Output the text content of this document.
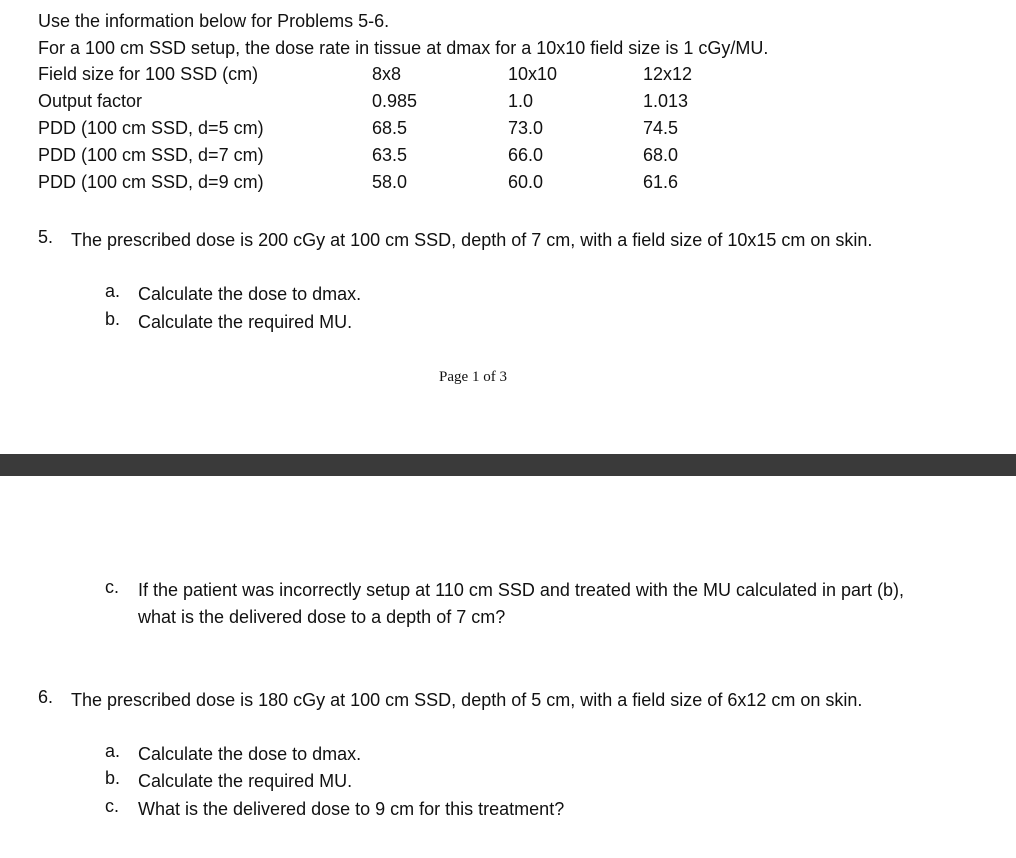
Use the information below for Problems 5-6.
For a 100 cm SSD setup, the dose rate in tissue at dmax for a 10x10 field size is 1 cGy/MU.
Field size for 100 SSD (cm)	8x8	10x10	12x12
Output factor	0.985	1.0	1.013
PDD (100 cm SSD, d=5 cm)	68.5	73.0	74.5
PDD (100 cm SSD, d=7 cm)	63.5	66.0	68.0
PDD (100 cm SSD, d=9 cm)	58.0	60.0	61.6
5. The prescribed dose is 200 cGy at 100 cm SSD, depth of 7 cm, with a field size of 10x15 cm on skin.
a. Calculate the dose to dmax.
b. Calculate the required MU.
Page 1 of 3
c.	If the patient was incorrectly setup at 110 cm SSD and treated with the MU calculated in part (b), what is the delivered dose to a depth of 7 cm?
6. The prescribed dose is 180 cGy at 100 cm SSD, depth of 5 cm, with a field size of 6x12 cm on skin.
a. Calculate the dose to dmax.
b. Calculate the required MU.
c.	What is the delivered dose to 9 cm for this treatment?
